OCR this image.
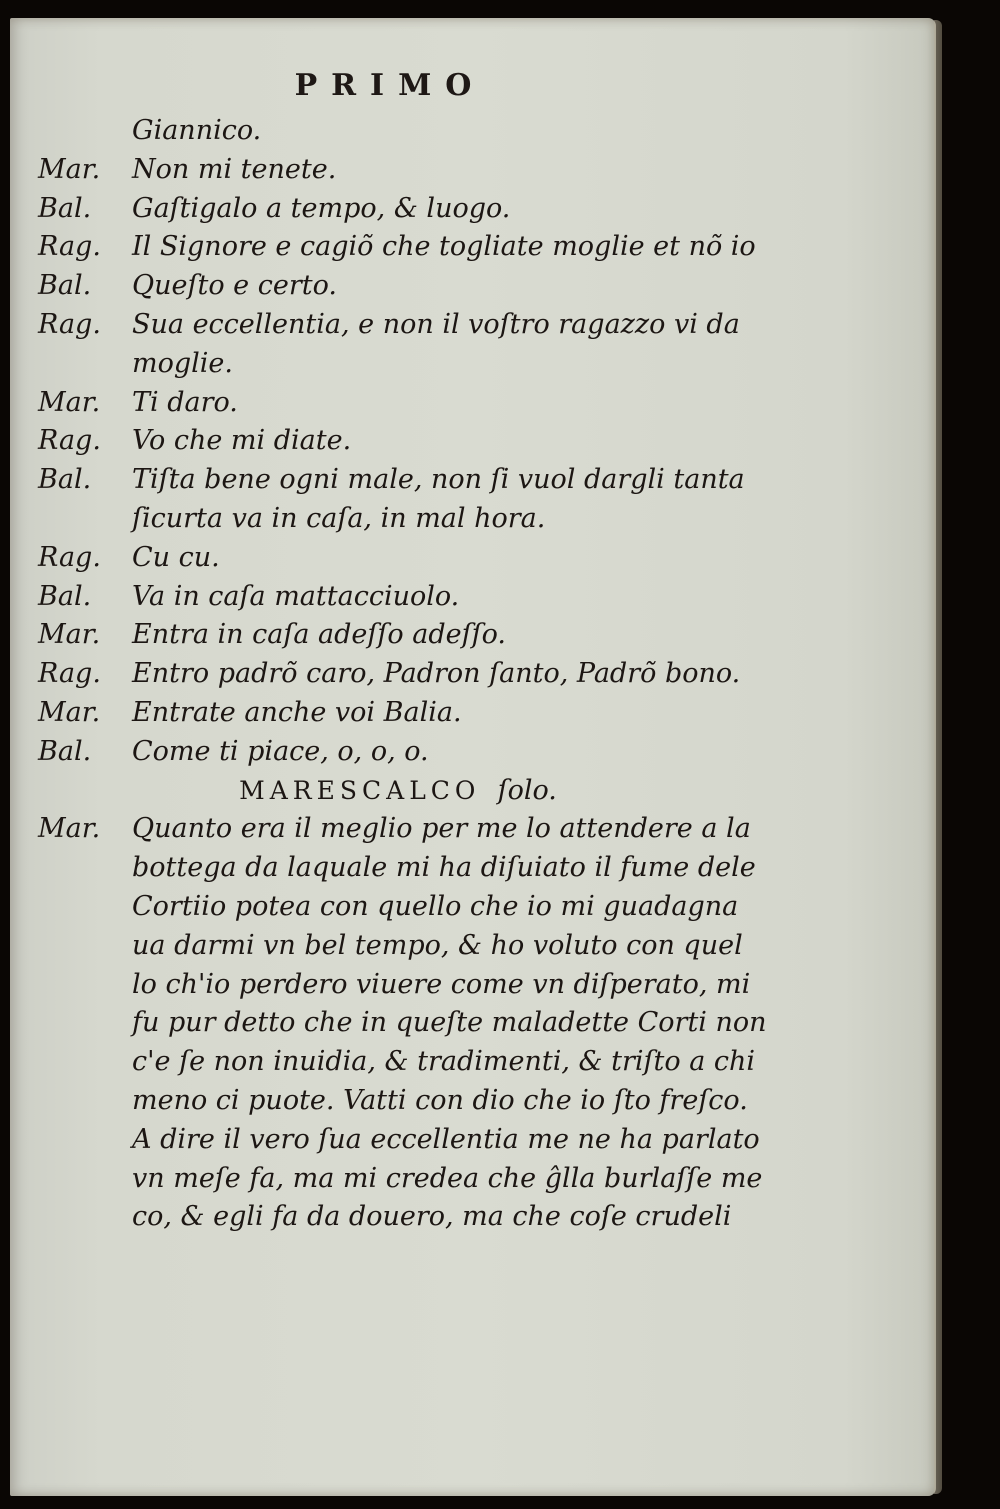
PRIMO
Giannico.
Mar.	Non mi tenete.
Bal.	Gaſtigalo a tempo, & luogo.
Rag.	Il Signore e cagiõ che togliate moglie et nõ io
Bal.	Queſto e certo.
Rag.	Sua eccellentia, e non il voſtro ragazzo vi da
moglie.
Mar.	Ti daro.
Rag.	Vo che mi diate.
Bal.	Tiſta bene ogni male, non ſi vuol dargli tanta
ſicurta va in caſa, in mal hora.
Rag.	Cu cu.
Bal.	Va in caſa mattacciuolo.
Mar.	Entra in caſa adeſſo adeſſo.
Rag.	Entro padrõ caro, Padron ſanto, Padrõ bono.
Mar.	Entrate anche voi Balia.
Bal.	Come ti piace, o, o, o.
MARESCALCO
ſolo.
Mar.	Quanto era il meglio per me lo attendere a la
bottega da laquale mi ha diſuiato il fume dele
Cortiio potea con quello che io mi guadagna
ua darmi vn bel tempo, & ho voluto con quel
lo ch'io perdero viuere come vn diſperato, mi
fu pur detto che in queſte maladette Corti non
c'e ſe non inuidia, & tradimenti, & triſto a chi
meno ci puote. Vatti con dio che io ſto freſco.
A dire il vero ſua eccellentia me ne ha parlato
vn meſe fa, ma mi credea che ĝlla burlaſſe me
co, & egli fa da douero, ma che coſe crudeli
